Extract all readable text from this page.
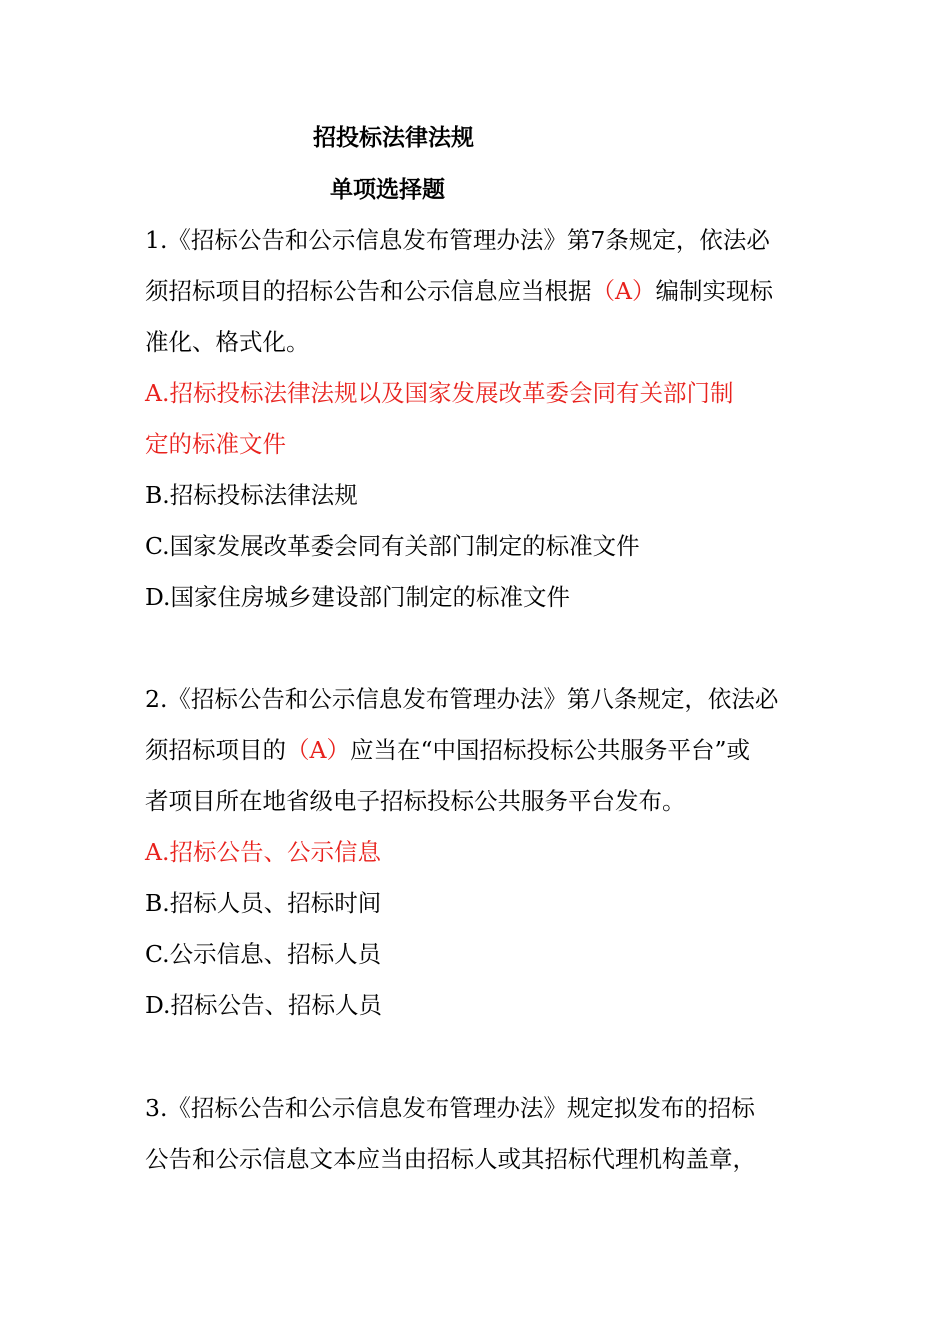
招投标法律法规
单项选择题
1.《招标公告和公示信息发布管理办法》第7条规定，依法必
须招标项目的招标公告和公示信息应当根据（A）编制实现标
准化、格式化。
A.招标投标法律法规以及国家发展改革委会同有关部门制
定的标准文件
B.招标投标法律法规
C.国家发展改革委会同有关部门制定的标准文件
D.国家住房城乡建设部门制定的标准文件
2.《招标公告和公示信息发布管理办法》第八条规定，依法必
须招标项目的（A）应当在“中国招标投标公共服务平台”或
者项目所在地省级电子招标投标公共服务平台发布。
A.招标公告、公示信息
B.招标人员、招标时间
C.公示信息、招标人员
D.招标公告、招标人员
3.《招标公告和公示信息发布管理办法》规定拟发布的招标
公告和公示信息文本应当由招标人或其招标代理机构盖章，
